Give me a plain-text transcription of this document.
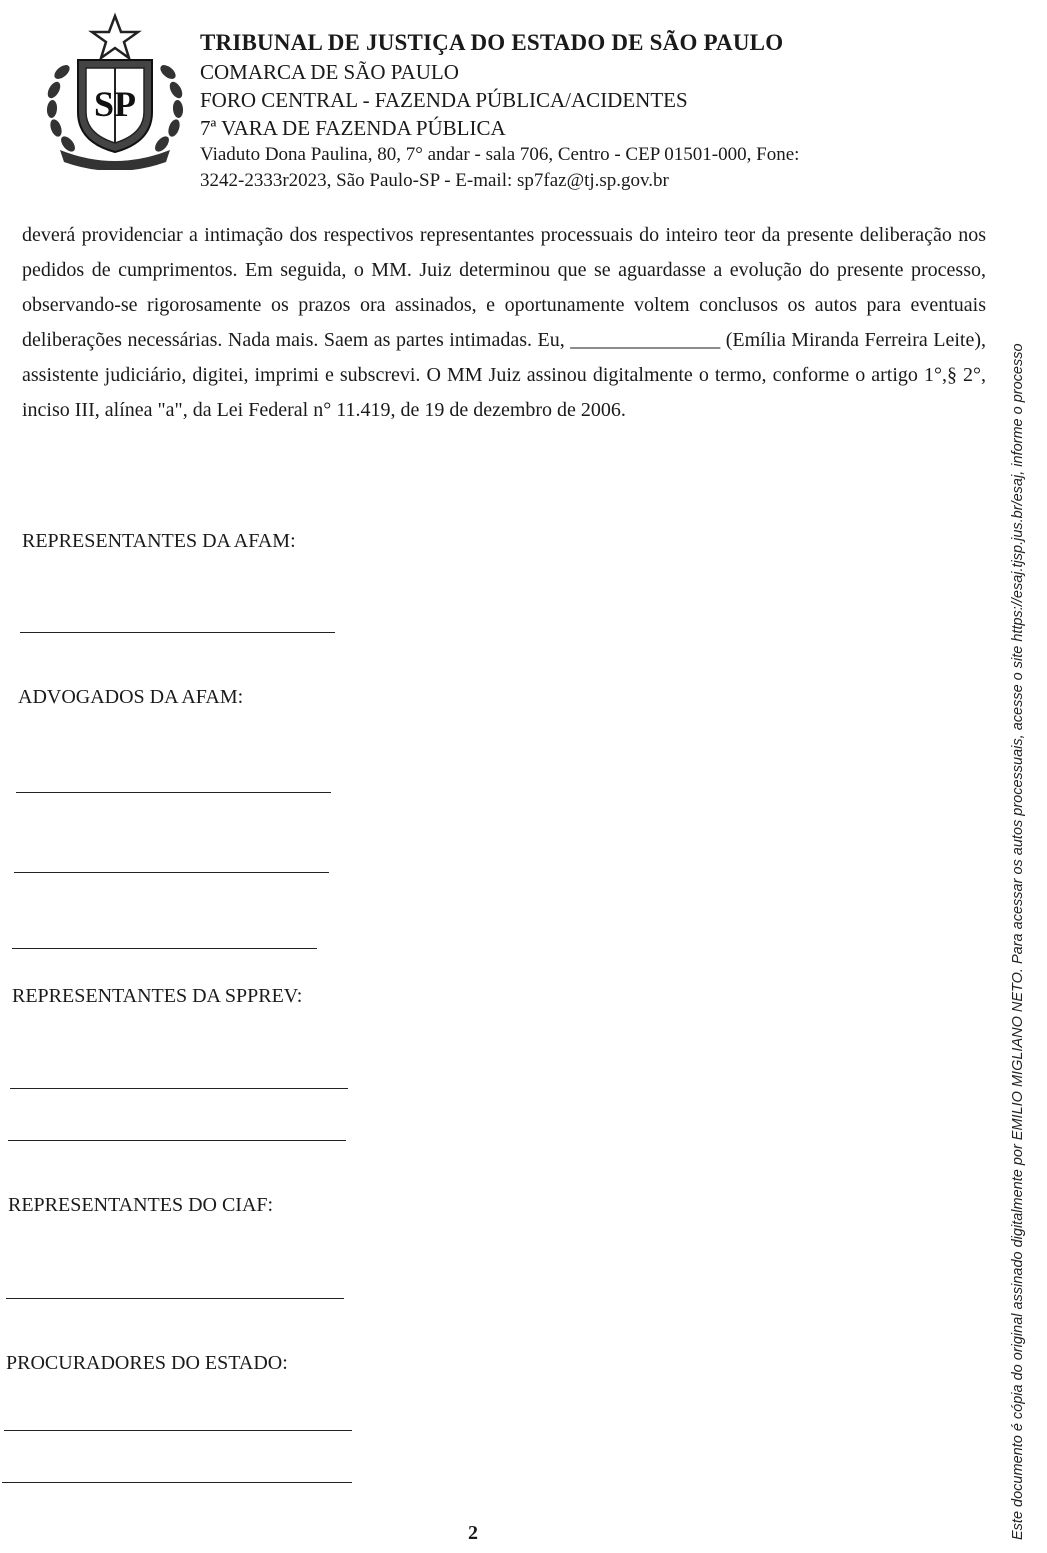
SP

TRIBUNAL DE JUSTIÇA DO ESTADO DE SÃO PAULO

COMARCA DE SÃO PAULO

FORO CENTRAL - FAZENDA PÚBLICA/ACIDENTES

7ª VARA DE FAZENDA PÚBLICA

Viaduto Dona Paulina, 80, 7° andar - sala 706, Centro - CEP 01501-000, Fone:

3242-2333r2023, São Paulo-SP - E-mail: sp7faz@tj.sp.gov.br

deverá providenciar a intimação dos respectivos representantes processuais do inteiro teor da presente deliberação nos pedidos de cumprimentos. Em seguida, o MM. Juiz determinou que se aguardasse a evolução do presente processo, observando-se rigorosamente os prazos ora assinados, e oportunamente voltem conclusos os autos para eventuais deliberações necessárias. Nada mais. Saem as partes intimadas. Eu, _______________ (Emília Miranda Ferreira Leite), assistente judiciário, digitei, imprimi e subscrevi. O MM Juiz assinou digitalmente o termo, conforme o artigo 1°,§ 2°, inciso III, alínea "a", da Lei Federal n° 11.419, de 19 de dezembro de 2006.

REPRESENTANTES DA AFAM:

ADVOGADOS DA AFAM:

REPRESENTANTES DA SPPREV:

REPRESENTANTES DO CIAF:

PROCURADORES DO ESTADO:

2	Este documento é cópia do original assinado digitalmente por EMILIO MIGLIANO NETO. Para acessar os autos processuais, acesse o site https://esaj.tjsp.jus.br/esaj, informe o processo
